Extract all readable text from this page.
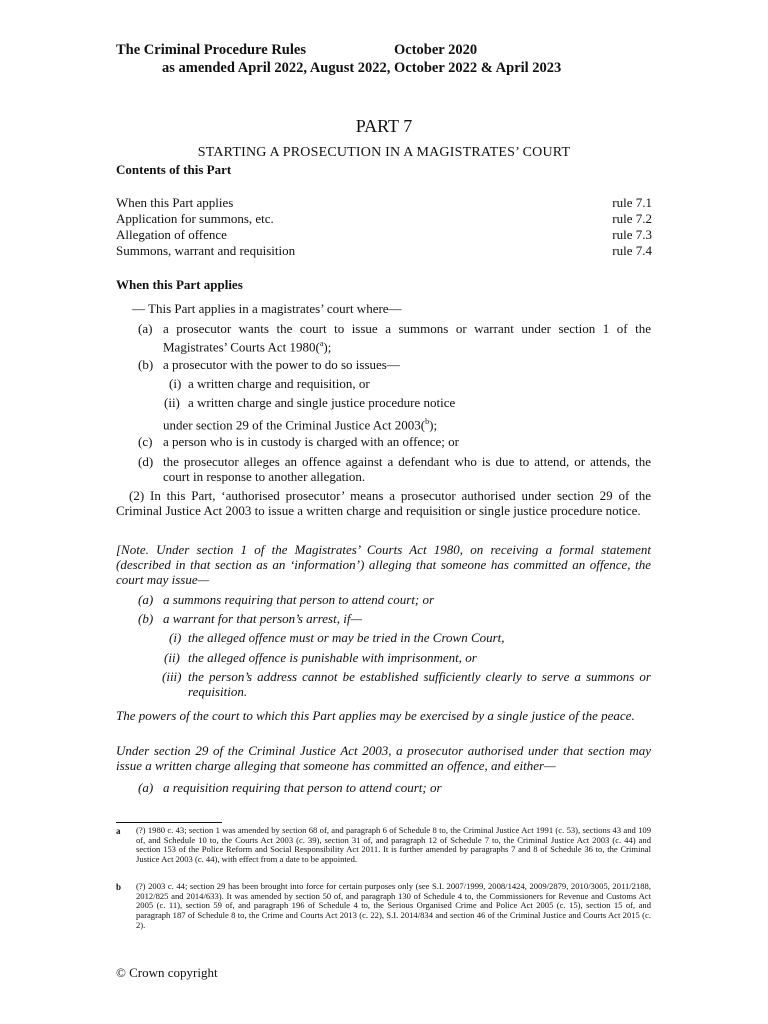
The Criminal Procedure Rules	October 2020
as amended April 2022, August 2022, October 2022 & April 2023
PART 7
STARTING A PROSECUTION IN A MAGISTRATES’ COURT
Contents of this Part
When this Part applies	rule 7.1
Application for summons, etc.	rule 7.2
Allegation of offence	rule 7.3
Summons, warrant and requisition	rule 7.4
When this Part applies
— This Part applies in a magistrates’ court where—
(a) a prosecutor wants the court to issue a summons or warrant under section 1 of the Magistrates’ Courts Act 1980($^a$);
(b) a prosecutor with the power to do so issues—
(i) a written charge and requisition, or
(ii) a written charge and single justice procedure notice
under section 29 of the Criminal Justice Act 2003($^b$);
(c) a person who is in custody is charged with an offence; or
(d) the prosecutor alleges an offence against a defendant who is due to attend, or attends, the court in response to another allegation.
(2) In this Part, ‘authorised prosecutor’ means a prosecutor authorised under section 29 of the Criminal Justice Act 2003 to issue a written charge and requisition or single justice procedure notice.
[Note. Under section 1 of the Magistrates’ Courts Act 1980, on receiving a formal statement (described in that section as an ‘information’) alleging that someone has committed an offence, the court may issue—
(a) a summons requiring that person to attend court; or
(b) a warrant for that person’s arrest, if—
(i) the alleged offence must or may be tried in the Crown Court,
(ii) the alleged offence is punishable with imprisonment, or
(iii) the person’s address cannot be established sufficiently clearly to serve a summons or requisition.
The powers of the court to which this Part applies may be exercised by a single justice of the peace.
Under section 29 of the Criminal Justice Act 2003, a prosecutor authorised under that section may issue a written charge alleging that someone has committed an offence, and either—
(a) a requisition requiring that person to attend court; or
a (?) 1980 c. 43; section 1 was amended by section 68 of, and paragraph 6 of Schedule 8 to, the Criminal Justice Act 1991 (c. 53), sections 43 and 109 of, and Schedule 10 to, the Courts Act 2003 (c. 39), section 31 of, and paragraph 12 of Schedule 7 to, the Criminal Justice Act 2003 (c. 44) and section 153 of the Police Reform and Social Responsibility Act 2011. It is further amended by paragraphs 7 and 8 of Schedule 36 to, the Criminal Justice Act 2003 (c. 44), with effect from a date to be appointed.
b (?) 2003 c. 44; section 29 has been brought into force for certain purposes only (see S.I. 2007/1999, 2008/1424, 2009/2879, 2010/3005, 2011/2188, 2012/825 and 2014/633). It was amended by section 50 of, and paragraph 130 of Schedule 4 to, the Commissioners for Revenue and Customs Act 2005 (c. 11), section 59 of, and paragraph 196 of Schedule 4 to, the Serious Organised Crime and Police Act 2005 (c. 15), section 15 of, and paragraph 187 of Schedule 8 to, the Crime and Courts Act 2013 (c. 22), S.I. 2014/834 and section 46 of the Criminal Justice and Courts Act 2015 (c. 2).
© Crown copyright
